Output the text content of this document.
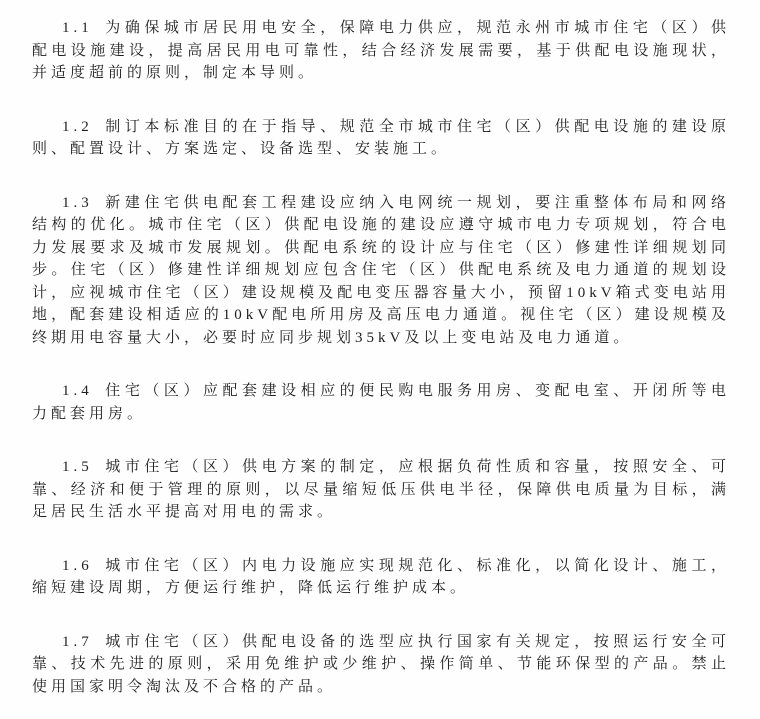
1.1 为确保城市居民用电安全，保障电力供应，规范永州市城市住宅（区）供配电设施建设，提高居民用电可靠性，结合经济发展需要，基于供配电设施现状，并适度超前的原则，制定本导则。

1.2 制订本标准目的在于指导、规范全市城市住宅（区）供配电设施的建设原则、配置设计、方案选定、设备选型、安装施工。

1.3 新建住宅供电配套工程建设应纳入电网统一规划，要注重整体布局和网络结构的优化。城市住宅（区）供配电设施的建设应遵守城市电力专项规划，符合电力发展要求及城市发展规划。供配电系统的设计应与住宅（区）修建性详细规划同步。住宅（区）修建性详细规划应包含住宅（区）供配电系统及电力通道的规划设计，应视城市住宅（区）建设规模及配电变压器容量大小，预留10kV箱式变电站用地，配套建设相适应的10kV配电所用房及高压电力通道。视住宅（区）建设规模及终期用电容量大小，必要时应同步规划35kV及以上变电站及电力通道。

1.4 住宅（区）应配套建设相应的便民购电服务用房、变配电室、开闭所等电力配套用房。

1.5 城市住宅（区）供电方案的制定，应根据负荷性质和容量，按照安全、可靠、经济和便于管理的原则，以尽量缩短低压供电半径，保障供电质量为目标，满足居民生活水平提高对用电的需求。

1.6 城市住宅（区）内电力设施应实现规范化、标准化，以简化设计、施工，缩短建设周期，方便运行维护，降低运行维护成本。

1.7 城市住宅（区）供配电设备的选型应执行国家有关规定，按照运行安全可靠、技术先进的原则，采用免维护或少维护、操作简单、节能环保型的产品。禁止使用国家明令淘汰及不合格的产品。
